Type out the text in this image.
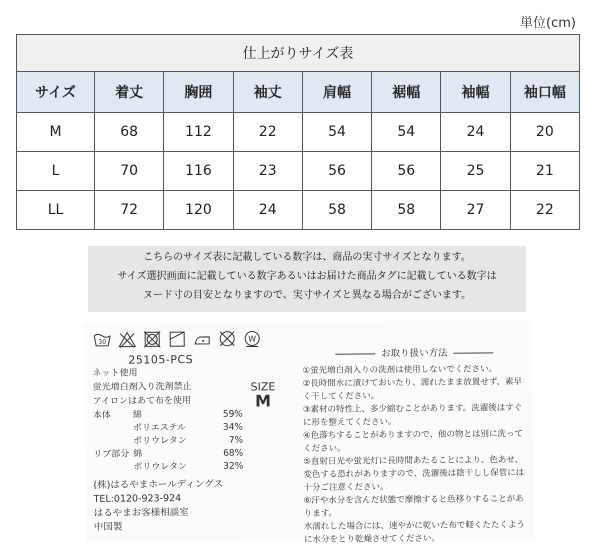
単位(cm)
仕上がりサイズ表							
サイズ	着丈	胸囲	袖丈	肩幅	裾幅	袖幅	袖口幅
M	68	112	22	54	54	24	20
L	70	116	23	56	56	25	21
LL	72	120	24	58	58	27	22
こちらのサイズ表に記載している数字は、商品の実寸サイズとなります。
サイズ選択画面に記載している数字あるいはお届けた商品タグに記載している数字は
ヌード寸の目安となりますので、実寸サイズと異なる場合がございます。
30	W
25105-PCS
ネット使用
蛍光増白剤入り洗剤禁止
アイロンはあて布を使用
本体	綿	59%
ポリエステル	34%
ポリウレタン	7%
リブ部分 綿	68%
ポリウレタン	32%
(株)はるやまホールディングス
TEL:0120-923-924
はるやまお客様相談室
中国製
SIZE
M
お取り扱い方法
①蛍光増白剤入りの洗剤は使用しないでください。
②長時間水に漬けておいたり、濡れたまま放置せず、素早く干してください。
③素材の特性上、多少縮むことがあります。洗濯後はすぐに形を整えてください。
④色落ちすることがありますので、他の物とは別に洗ってください。
⑤直射日光や蛍光灯に長時間あたることにより、色あせ、変色する恐れがありますので、洗濯後は陰干しし保管には十分ご注意ください。
⑥汗や水分を含んだ状態で摩擦すると色移りすることがあります。
水濡れした場合には、速やかに乾いた布で軽くたたくように水分をとり乾燥させてください。
